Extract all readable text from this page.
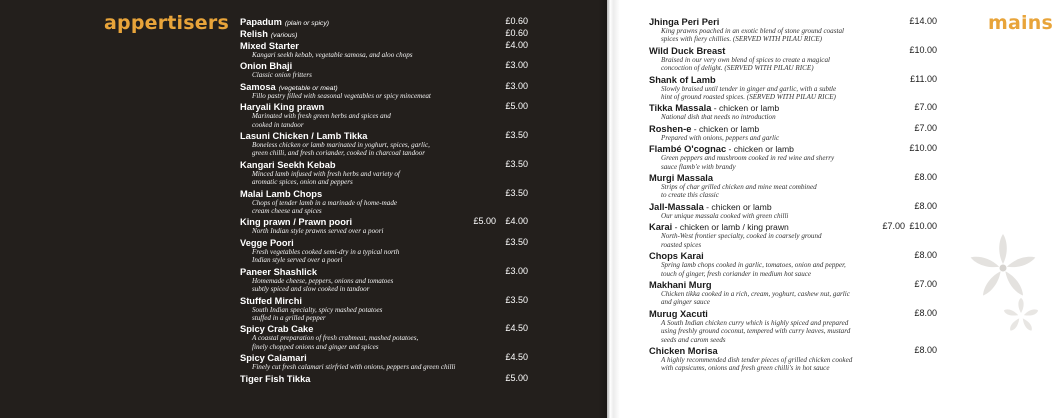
appertisers Papadum (plain or spicy)	£0.60
Relish (various)	£0.60
Mixed Starter	£4.00
Kangari seekh kebab, vegetable samosa, and aloo chops
Onion Bhaji	£3.00
Classic onion fritters
Samosa (vegetable or meat)	£3.00
Fillo pastry filled with seasonal vegetables or spicy mincemeat
Haryali King prawn	£5.00
Marinated with fresh green herbs and spices and
cooked in tandoor
Lasuni Chicken / Lamb Tikka	£3.50
Boneless chicken or lamb marinated in yoghurt, spices, garlic,
green chilli, and fresh coriander, cooked in charcoal tandoor
Kangari Seekh Kebab	£3.50
Minced lamb infused with fresh herbs and variety of
aromatic spices, onion and peppers
Malai Lamb Chops	£3.50
Chops of tender lamb in a marinade of home-made
cream cheese and spices
King prawn / Prawn poori	£5.00 £4.00
North Indian style prawns served over a poori
Vegge Poori	£3.50
Fresh vegetables cooked semi-dry in a typical north
Indian style served over a poori
Paneer Shashlick	£3.00
Homemade cheese, peppers, onions and tomatoes
subtly spiced and slow cooked in tandoor
Stuffed Mirchi	£3.50
South Indian specialty, spicy mashed potatoes
stuffed in a grilled pepper
Spicy Crab Cake	£4.50
A coastal preparation of fresh crabmeat, mashed potatoes,
finely chopped onions and ginger and spices
Spicy Calamari	£4.50
Finely cut fresh calamari stirfried with onions, peppers and green chilli
Tiger Fish Tikka	£5.00
mains
Jhinga Peri Peri	£14.00
King prawns poached in an exotic blend of stone ground coastal
spices with fiery chillies. (SERVED WITH PILAU RICE)
Wild Duck Breast	£10.00
Braised in our very own blend of spices to create a magical
concoction of delight. (SERVED WITH PILAU RICE)
Shank of Lamb	£11.00
Slowly braised until tender in ginger and garlic, with a subtle
hint of ground roasted spices. (SERVED WITH PILAU RICE)
Tikka Massala - chicken or lamb	£7.00
National dish that needs no introduction
Roshen-e - chicken or lamb	£7.00
Prepared with onions, peppers and garlic
Flambé O'cognac - chicken or lamb	£10.00
Green peppers and mushroom cooked in red wine and sherry
sauce flamb'e with brandy
Murgi Massala	£8.00
Strips of char grilled chicken and mine meat combined
to create this classic
Jall-Massala - chicken or lamb	£8.00
Our unique massala cooked with green chilli
Karai - chicken or lamb / king prawn	£7.00 £10.00
North-West frontier specialty, cooked in coarsely ground
roasted spices
Chops Karai	£8.00
Spring lamb chops cooked in garlic, tomatoes, onion and pepper,
touch of ginger, fresh coriander in medium hot sauce
Makhani Murg	£7.00
Chicken tikka cooked in a rich, cream, yoghurt, cashew nut, garlic
and ginger sauce
Murug Xacuti	£8.00
A South Indian chicken curry which is highly spiced and prepared
using freshly ground coconut, tempered with curry leaves, mustard
seeds and carom seeds
Chicken Morisa	£8.00
A highly recommended dish tender pieces of grilled chicken cooked
with capsicums, onions and fresh green chilli's in hot sauce
